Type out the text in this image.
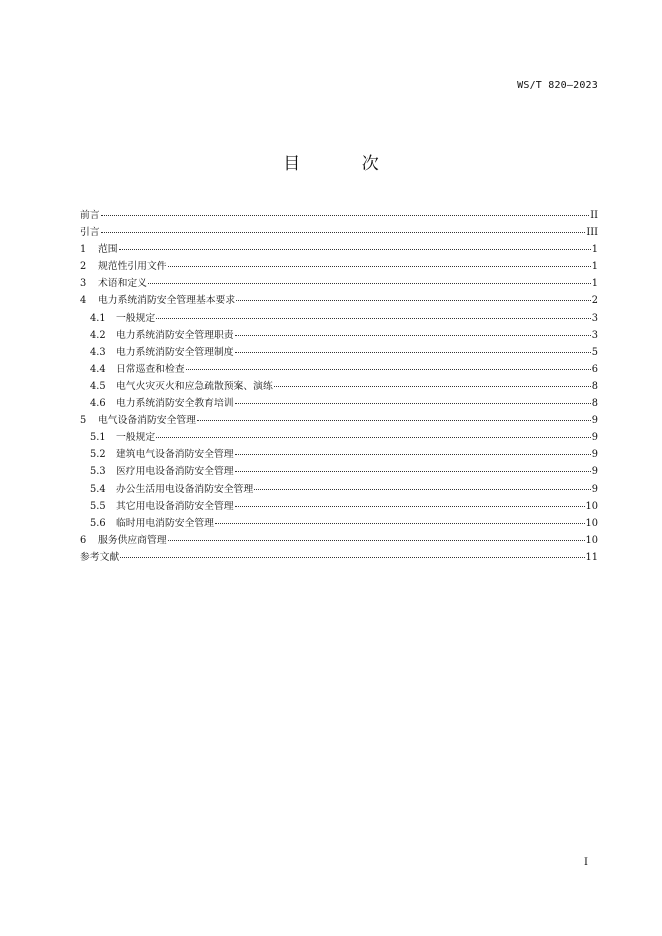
WS/T 820—2023
目 次
前言	II
引言	III
1	范围	1
2	规范性引用文件	1
3	术语和定义	1
4	电力系统消防安全管理基本要求	2
4.1	一般规定	3
4.2	电力系统消防安全管理职责	3
4.3	电力系统消防安全管理制度	5
4.4	日常巡查和检查	6
4.5	电气火灾灭火和应急疏散预案、演练	8
4.6	电力系统消防安全教育培训	8
5	电气设备消防安全管理	9
5.1	一般规定	9
5.2	建筑电气设备消防安全管理	9
5.3	医疗用电设备消防安全管理	9
5.4	办公生活用电设备消防安全管理	9
5.5	其它用电设备消防安全管理	10
5.6	临时用电消防安全管理	10
6	服务供应商管理	10
参考文献	11
I
